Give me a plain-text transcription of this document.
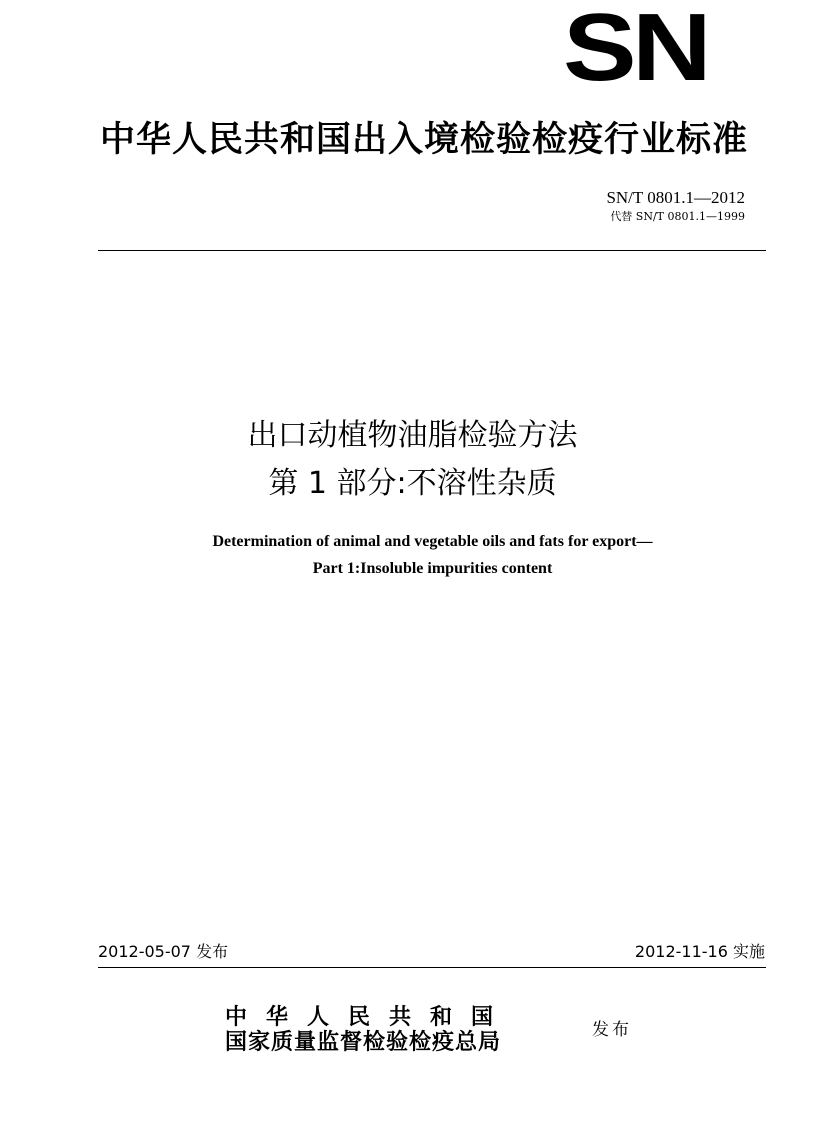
SN
中华人民共和国出入境检验检疫行业标准
SN/T 0801.1—2012
代替 SN/T 0801.1—1999
出口动植物油脂检验方法
第 1 部分:不溶性杂质
Determination of animal and vegetable oils and fats for export—
Part 1:Insoluble impurities content
2012-05-07 发布	2012-11-16 实施
中华人民共和国
国家质量监督检验检疫总局	发布
